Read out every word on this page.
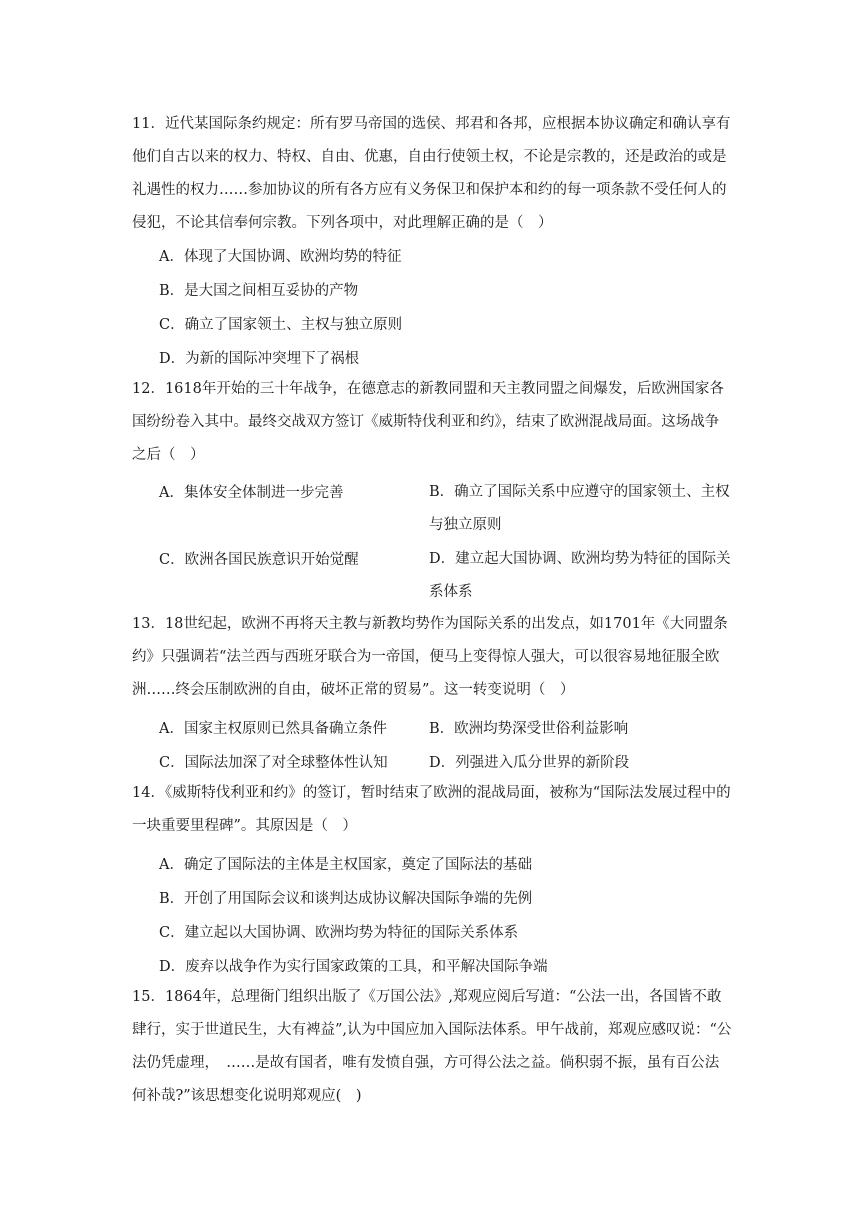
11．近代某国际条约规定：所有罗马帝国的选侯、邦君和各邦，应根据本协议确定和确认享有他们自古以来的权力、特权、自由、优惠，自由行使领土权，不论是宗教的，还是政治的或是礼遇性的权力……参加协议的所有各方应有义务保卫和保护本和约的每一项条款不受任何人的侵犯，不论其信奉何宗教。下列各项中，对此理解正确的是（　）

A．体现了大国协调、欧洲均势的特征
B．是大国之间相互妥协的产物
C．确立了国家领土、主权与独立原则
D．为新的国际冲突埋下了祸根

12．1618年开始的三十年战争，在德意志的新教同盟和天主教同盟之间爆发，后欧洲国家各国纷纷卷入其中。最终交战双方签订《威斯特伐利亚和约》，结束了欧洲混战局面。这场战争之后（　）

A．集体安全体制进一步完善	B．确立了国际关系中应遵守的国家领土、主权与独立原则
C．欧洲各国民族意识开始觉醒	D．建立起大国协调、欧洲均势为特征的国际关系体系

13．18世纪起，欧洲不再将天主教与新教均势作为国际关系的出发点，如1701年《大同盟条约》只强调若“法兰西与西班牙联合为一帝国，便马上变得惊人强大，可以很容易地征服全欧洲……终会压制欧洲的自由，破坏正常的贸易”。这一转变说明（　）

A．国家主权原则已然具备确立条件	B．欧洲均势深受世俗利益影响
C．国际法加深了对全球整体性认知	D．列强进入瓜分世界的新阶段

14．《威斯特伐利亚和约》的签订，暂时结束了欧洲的混战局面，被称为“国际法发展过程中的一块重要里程碑”。其原因是（　）

A．确定了国际法的主体是主权国家，奠定了国际法的基础
B．开创了用国际会议和谈判达成协议解决国际争端的先例
C．建立起以大国协调、欧洲均势为特征的国际关系体系
D．废弃以战争作为实行国家政策的工具，和平解决国际争端

15．1864年，总理衙门组织出版了《万国公法》,郑观应阅后写道：“公法一出，各国皆不敢肆行，实于世道民生，大有裨益”,认为中国应加入国际法体系。甲午战前，郑观应感叹说：“公法仍凭虚理，　……是故有国者，唯有发愤自强，方可得公法之益。倘积弱不振，虽有百公法何补哉?”该思想变化说明郑观应(　)
